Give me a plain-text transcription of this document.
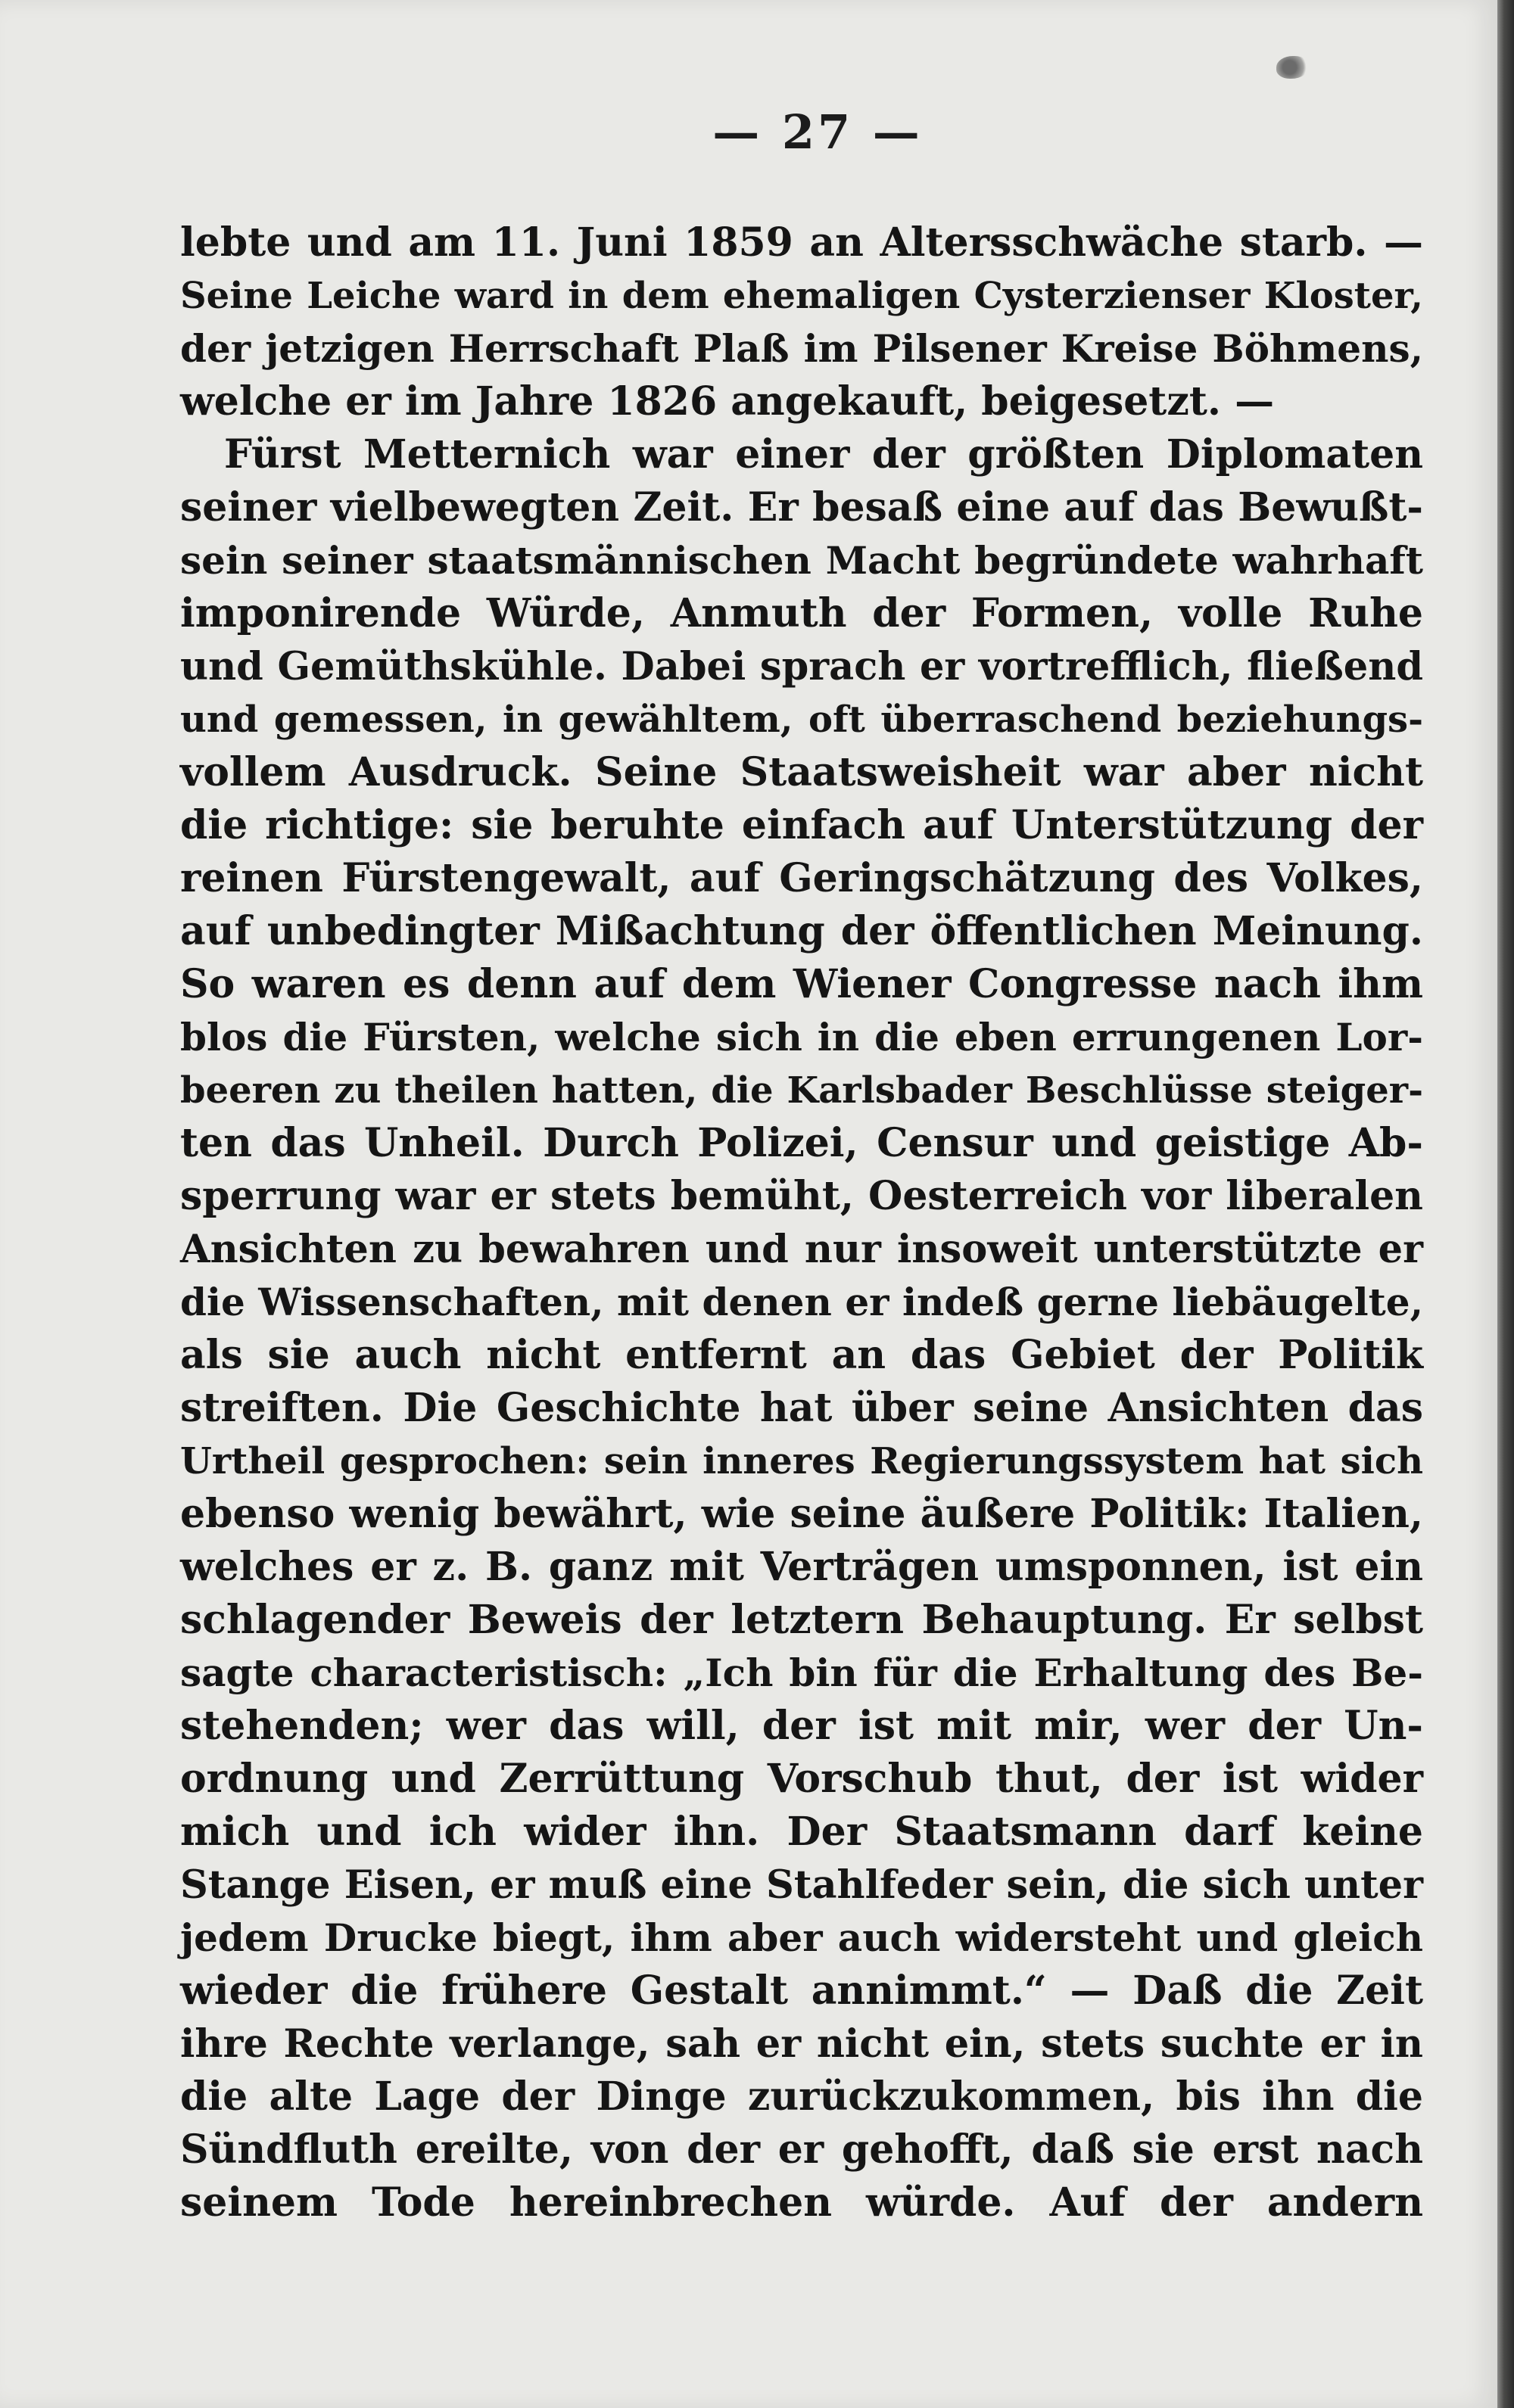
— 27 —
lebte und am 11. Juni 1859 an Altersschwäche starb. —
Seine Leiche ward in dem ehemaligen Cysterzienser Kloster,
der jetzigen Herrschaft Plaß im Pilsener Kreise Böhmens,
welche er im Jahre 1826 angekauft, beigesetzt. —
Fürst Metternich war einer der größten Diplomaten
seiner vielbewegten Zeit. Er besaß eine auf das Bewußt-
sein seiner staatsmännischen Macht begründete wahrhaft
imponirende Würde, Anmuth der Formen, volle Ruhe
und Gemüthskühle. Dabei sprach er vortrefflich, fließend
und gemessen, in gewähltem, oft überraschend beziehungs-
vollem Ausdruck. Seine Staatsweisheit war aber nicht
die richtige: sie beruhte einfach auf Unterstützung der
reinen Fürstengewalt, auf Geringschätzung des Volkes,
auf unbedingter Mißachtung der öffentlichen Meinung.
So waren es denn auf dem Wiener Congresse nach ihm
blos die Fürsten, welche sich in die eben errungenen Lor-
beeren zu theilen hatten, die Karlsbader Beschlüsse steiger-
ten das Unheil. Durch Polizei, Censur und geistige Ab-
sperrung war er stets bemüht, Oesterreich vor liberalen
Ansichten zu bewahren und nur insoweit unterstützte er
die Wissenschaften, mit denen er indeß gerne liebäugelte,
als sie auch nicht entfernt an das Gebiet der Politik
streiften. Die Geschichte hat über seine Ansichten das
Urtheil gesprochen: sein inneres Regierungssystem hat sich
ebenso wenig bewährt, wie seine äußere Politik: Italien,
welches er z. B. ganz mit Verträgen umsponnen, ist ein
schlagender Beweis der letztern Behauptung. Er selbst
sagte characteristisch: „Ich bin für die Erhaltung des Be-
stehenden; wer das will, der ist mit mir, wer der Un-
ordnung und Zerrüttung Vorschub thut, der ist wider
mich und ich wider ihn. Der Staatsmann darf keine
Stange Eisen, er muß eine Stahlfeder sein, die sich unter
jedem Drucke biegt, ihm aber auch widersteht und gleich
wieder die frühere Gestalt annimmt.“ — Daß die Zeit
ihre Rechte verlange, sah er nicht ein, stets suchte er in
die alte Lage der Dinge zurückzukommen, bis ihn die
Sündfluth ereilte, von der er gehofft, daß sie erst nach
seinem Tode hereinbrechen würde. Auf der andern
